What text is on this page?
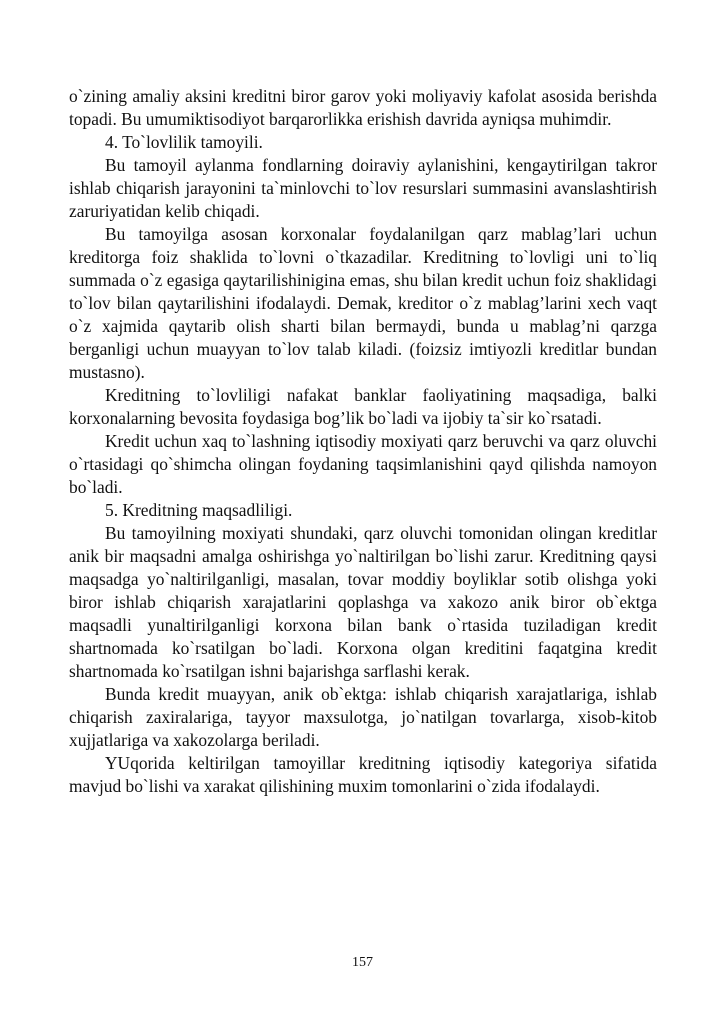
o`zining amaliy aksini kreditni biror garov yoki moliyaviy kafolat asosida berishda topadi. Bu umumiktisodiyot barqarorlikka erishish davrida ayniqsa muhimdir.

4. To`lovlilik tamoyili.

Bu tamoyil aylanma fondlarning doiraviy aylanishini, kengaytirilgan takror ishlab chiqarish jarayonini ta`minlovchi to`lov resurslari summasini avanslashtirish zaruriyatidan kelib chiqadi.

Bu tamoyilga asosan korxonalar foydalanilgan qarz mablag’lari uchun kreditorga foiz shaklida to`lovni o`tkazadilar. Kreditning to`lovligi uni to`liq summada o`z egasiga qaytarilishinigina emas, shu bilan kredit uchun foiz shaklidagi to`lov bilan qaytarilishini ifodalaydi. Demak, kreditor o`z mablag’larini xech vaqt o`z xajmida qaytarib olish sharti bilan bermaydi, bunda u mablag’ni qarzga berganligi uchun muayyan to`lov talab kiladi. (foizsiz imtiyozli kreditlar bundan mustasno).

Kreditning to`lovliligi nafakat banklar faoliyatining maqsadiga, balki korxonalarning bevosita foydasiga bog’lik bo`ladi va ijobiy ta`sir ko`rsatadi.

Kredit uchun xaq to`lashning iqtisodiy moxiyati qarz beruvchi va qarz oluvchi o`rtasidagi qo`shimcha olingan foydaning taqsimlanishini qayd qilishda namoyon bo`ladi.

5. Kreditning maqsadliligi.

Bu tamoyilning moxiyati shundaki, qarz oluvchi tomonidan olingan kreditlar anik bir maqsadni amalga oshirishga yo`naltirilgan bo`lishi zarur. Kreditning qaysi maqsadga yo`naltirilganligi, masalan, tovar moddiy boyliklar sotib olishga yoki biror ishlab chiqarish xarajatlarini qoplashga va xakozo anik biror ob`ektga maqsadli yunaltirilganligi korxona bilan bank o`rtasida tuziladigan kredit shartnomada ko`rsatilgan bo`ladi. Korxona olgan kreditini faqatgina kredit shartnomada ko`rsatilgan ishni bajarishga sarflashi kerak.

Bunda kredit muayyan, anik ob`ektga: ishlab chiqarish xarajatlariga, ishlab chiqarish zaxiralariga, tayyor maxsulotga, jo`natilgan tovarlarga, xisob-kitob xujjatlariga va xakozolarga beriladi.

YUqorida keltirilgan tamoyillar kreditning iqtisodiy kategoriya sifatida mavjud bo`lishi va xarakat qilishining muxim tomonlarini o`zida ifodalaydi.

157
